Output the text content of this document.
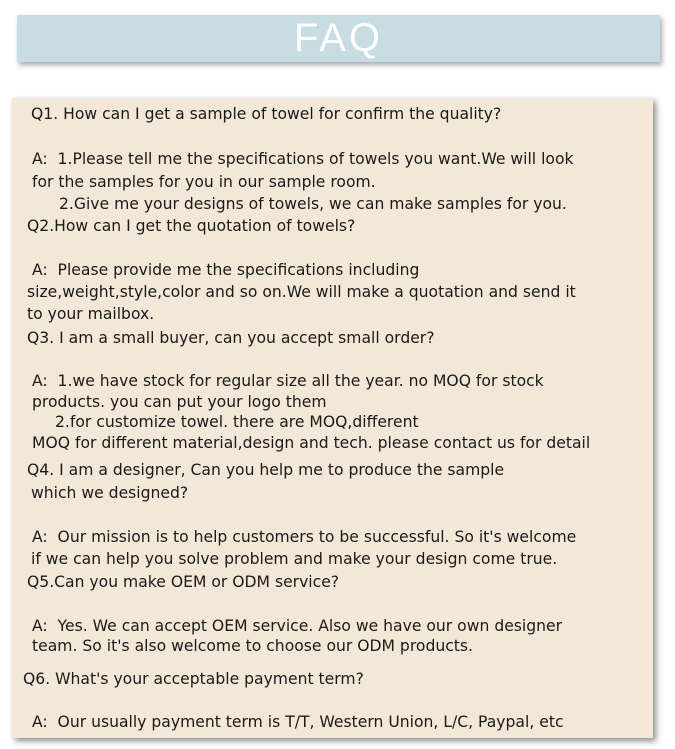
FAQ
Q1. How can I get a sample of towel for confirm the quality?
A:  1.Please tell me the specifications of towels you want.We will look
for the samples for you in our sample room.
2.Give me your designs of towels, we can make samples for you.
Q2.How can I get the quotation of towels?
A:  Please provide me the specifications including
size,weight,style,color and so on.We will make a quotation and send it
to your mailbox.
Q3. I am a small buyer, can you accept small order?
A:  1.we have stock for regular size all the year. no MOQ for stock
products. you can put your logo them
2.for customize towel. there are MOQ,different
MOQ for different material,design and tech. please contact us for detail
Q4. I am a designer, Can you help me to produce the sample
which we designed?
A:  Our mission is to help customers to be successful. So it's welcome
if we can help you solve problem and make your design come true.
Q5.Can you make OEM or ODM service?
A:  Yes. We can accept OEM service. Also we have our own designer
team. So it's also welcome to choose our ODM products.
Q6. What's your acceptable payment term?
A:  Our usually payment term is T/T, Western Union, L/C, Paypal, etc
